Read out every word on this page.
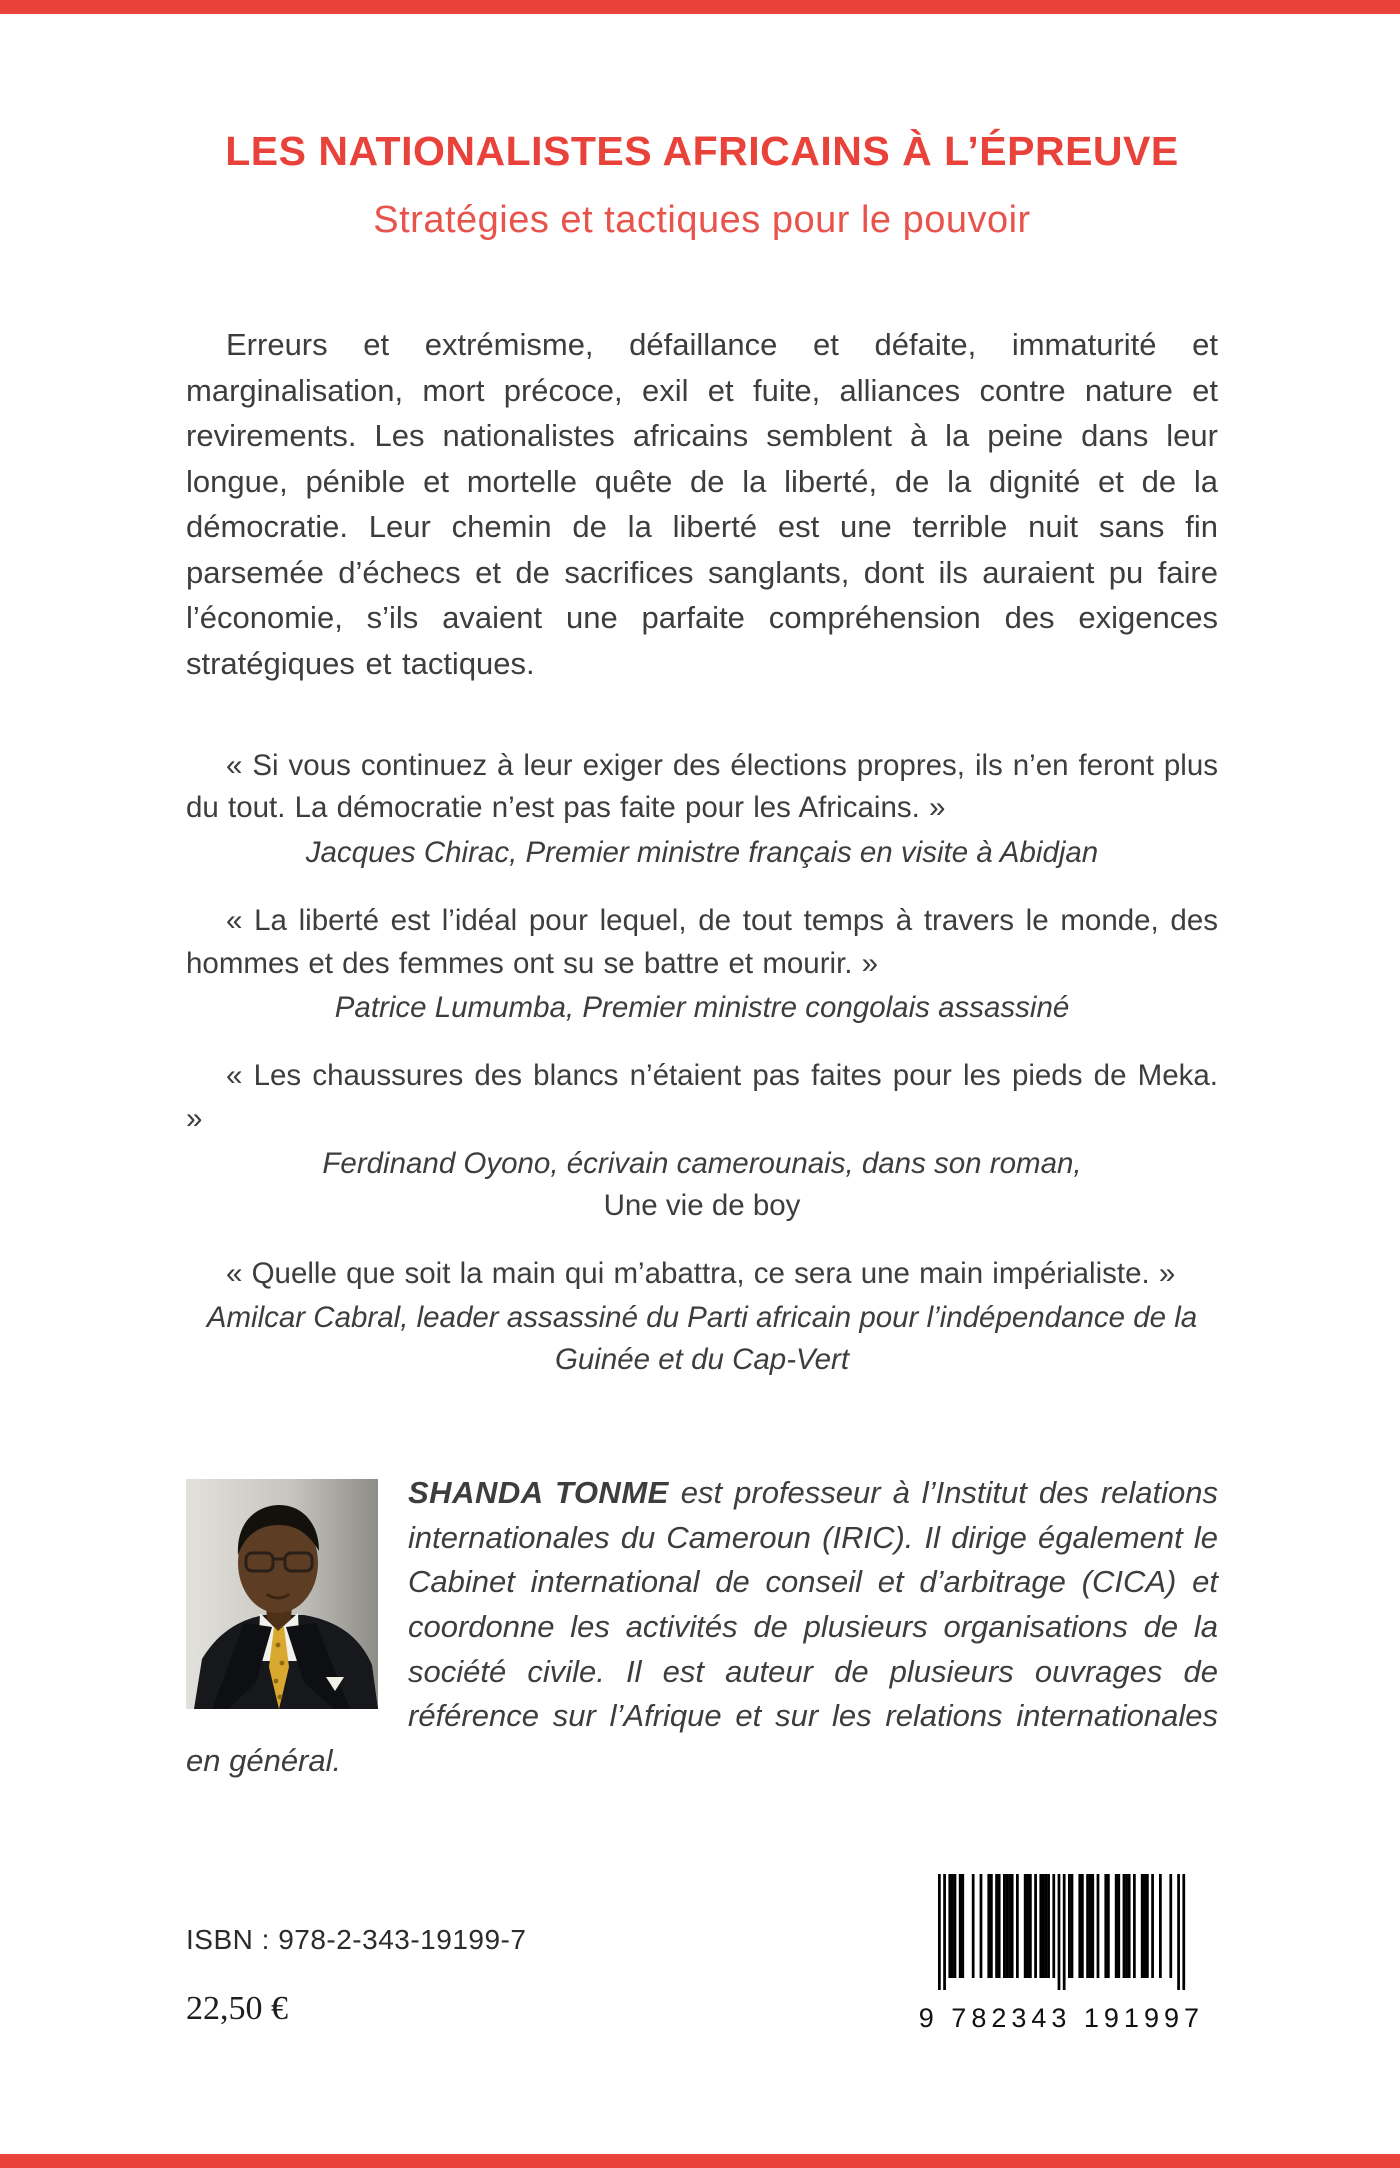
LES NATIONALISTES AFRICAINS À L’ÉPREUVE
Stratégies et tactiques pour le pouvoir

Erreurs et extrémisme, défaillance et défaite, immaturité et marginalisation, mort précoce, exil et fuite, alliances contre nature et revirements. Les nationalistes africains semblent à la peine dans leur longue, pénible et mortelle quête de la liberté, de la dignité et de la démocratie. Leur chemin de la liberté est une terrible nuit sans fin parsemée d’échecs et de sacrifices sanglants, dont ils auraient pu faire l’économie, s’ils avaient une parfaite compréhension des exigences stratégiques et tactiques.

« Si vous continuez à leur exiger des élections propres, ils n’en feront plus du tout. La démocratie n’est pas faite pour les Africains. »

Jacques Chirac, Premier ministre français en visite à Abidjan

« La liberté est l’idéal pour lequel, de tout temps à travers le monde, des hommes et des femmes ont su se battre et mourir. »

Patrice Lumumba, Premier ministre congolais assassiné

« Les chaussures des blancs n’étaient pas faites pour les pieds de Meka. »

Ferdinand Oyono, écrivain camerounais, dans son roman,
Une vie de boy

« Quelle que soit la main qui m’abattra, ce sera une main impérialiste. »

Amilcar Cabral, leader assassiné du Parti africain pour l’indépendance de la Guinée et du Cap-Vert

SHANDA TONME est professeur à l’Institut des relations internationales du Cameroun (IRIC). Il dirige également le Cabinet international de conseil et d’arbitrage (CICA) et coordonne les activités de plusieurs organisations de la société civile. Il est auteur de plusieurs ouvrages de référence sur l’Afrique et sur les relations internationales en général.

ISBN : 978-2-343-19199-7
22,50 €	9 782343 191997
